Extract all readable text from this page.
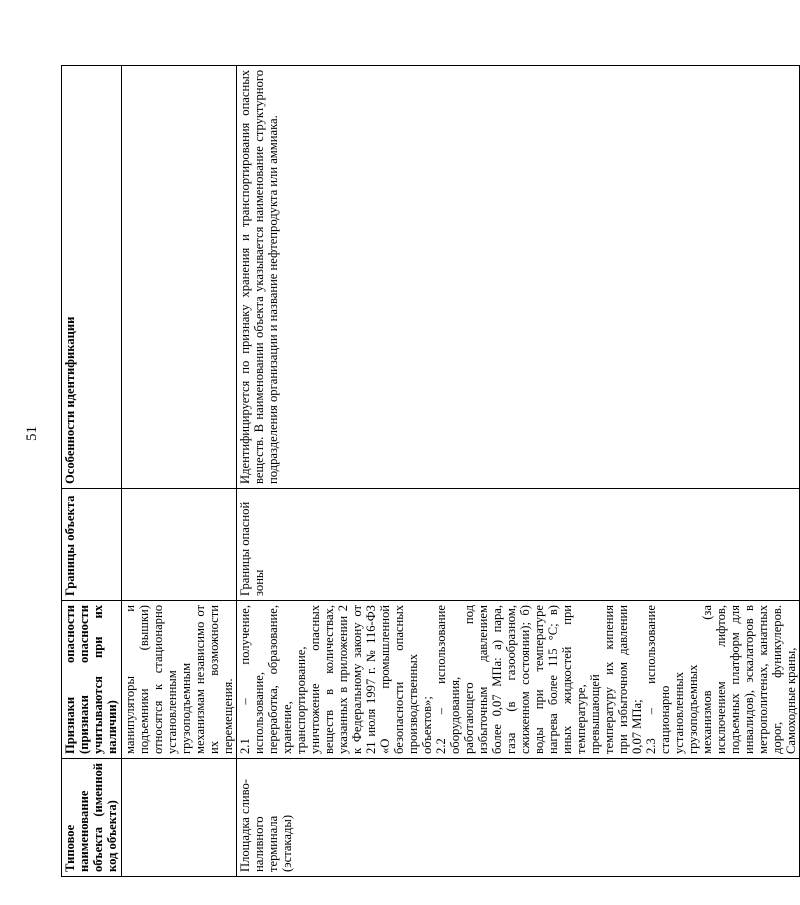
51
Типовое наименование объекта (именной код объекта)	Признаки опасности (признаки опасности учитываются при их наличии)	Границы объекта	Особенности идентификации
	манипуляторы и подъемники (вышки) относятся к стационарно установленным грузоподъемным механизмам независимо от их возможности перемещения.		
Площадка сливо-наливного терминала (эстакады)	2.1 – получение, использование, переработка, образование, хранение, транспортирование, уничтожение опасных веществ в количествах, указанных в приложении 2 к Федеральному закону от 21 июля 1997 г. № 116-ФЗ «О промышленной безопасности опасных производственных объектов»; 2.2 – использование оборудования, работающего под избыточным давлением более 0,07 МПа: а) пара, газа (в газообразном, сжиженном состоянии); б) воды при температуре нагрева более 115 °С; в) иных жидкостей при температуре, превышающей температуру их кипения при избыточном давлении 0,07 МПа; 2.3 – использование стационарно установленных грузоподъемных механизмов (за исключением лифтов, подъемных платформ для инвалидов), эскалаторов в метрополитенах, канатных дорог, фуникулеров. Самоходные краны,	Границы опасной зоны	Идентифицируется по признаку хранения и транспортирования опасных веществ. В наименовании объекта указывается наименование структурного подразделения организации и название нефтепродукта или аммиака.
